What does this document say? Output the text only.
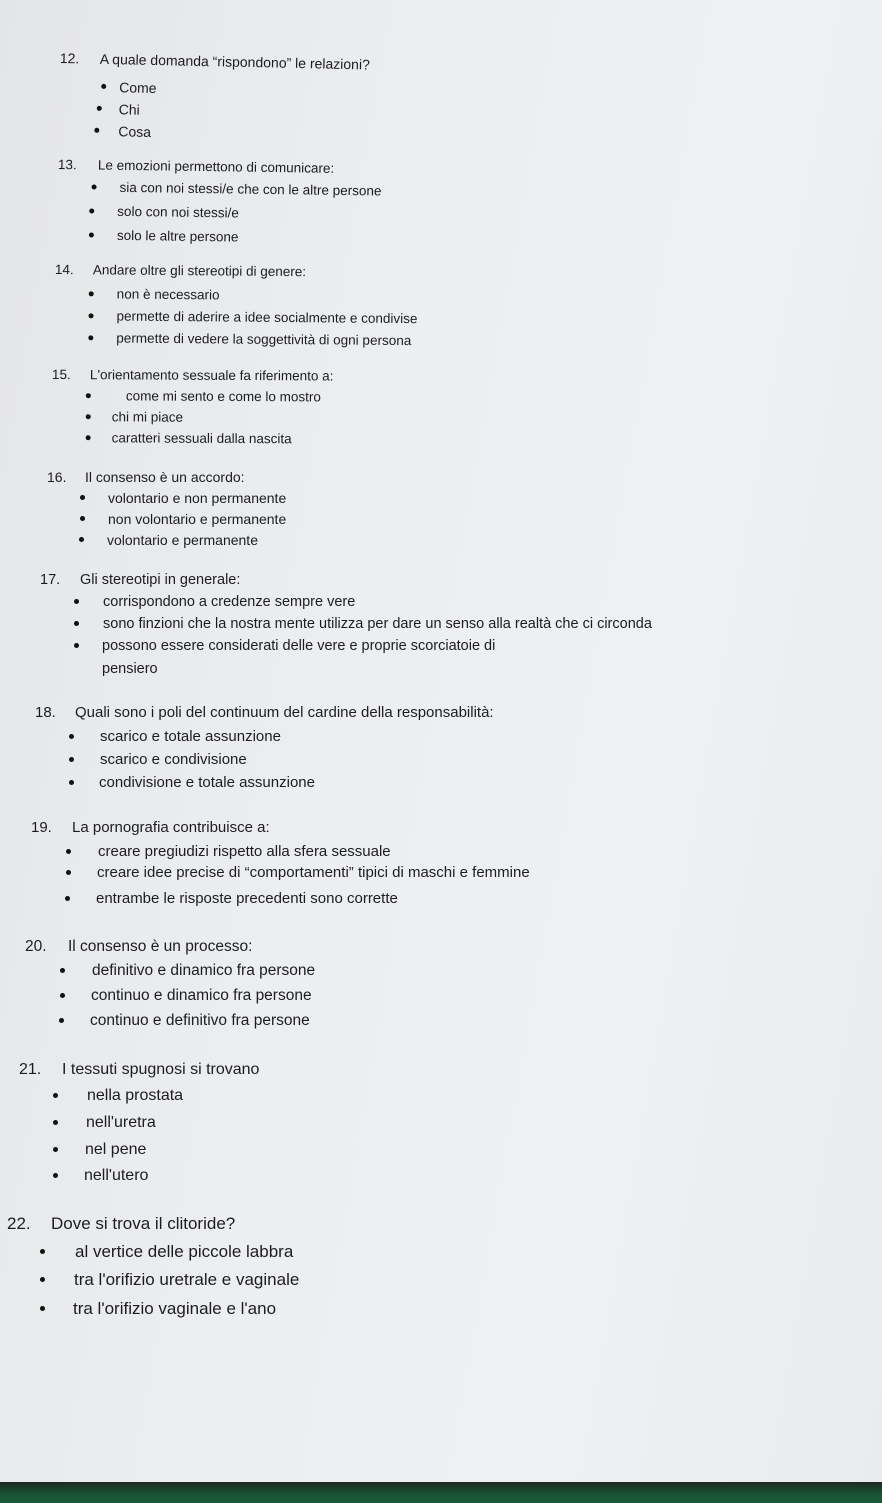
12. A quale domanda “rispondono” le relazioni?
Come
Chi
Cosa
13. Le emozioni permettono di comunicare:
sia con noi stessi/e che con le altre persone
solo con noi stessi/e
solo le altre persone
14. Andare oltre gli stereotipi di genere:
non è necessario
permette di aderire a idee socialmente e condivise
permette di vedere la soggettività di ogni persona
15. L'orientamento sessuale fa riferimento a:
come mi sento e come lo mostro
chi mi piace
caratteri sessuali dalla nascita
16. Il consenso è un accordo:
volontario e non permanente
non volontario e permanente
volontario e permanente
17. Gli stereotipi in generale:
corrispondono a credenze sempre vere
sono finzioni che la nostra mente utilizza per dare un senso alla realtà che ci circonda
possono essere considerati delle vere e proprie scorciatoie di
pensiero
18. Quali sono i poli del continuum del cardine della responsabilità:
scarico e totale assunzione
scarico e condivisione
condivisione e totale assunzione
19. La pornografia contribuisce a:
creare pregiudizi rispetto alla sfera sessuale
creare idee precise di “comportamenti” tipici di maschi e femmine
entrambe le risposte precedenti sono corrette
20. Il consenso è un processo:
definitivo e dinamico fra persone
continuo e dinamico fra persone
continuo e definitivo fra persone
21. I tessuti spugnosi si trovano
nella prostata
nell'uretra
nel pene
nell'utero
22. Dove si trova il clitoride?
al vertice delle piccole labbra
tra l'orifizio uretrale e vaginale
tra l'orifizio vaginale e l'ano
